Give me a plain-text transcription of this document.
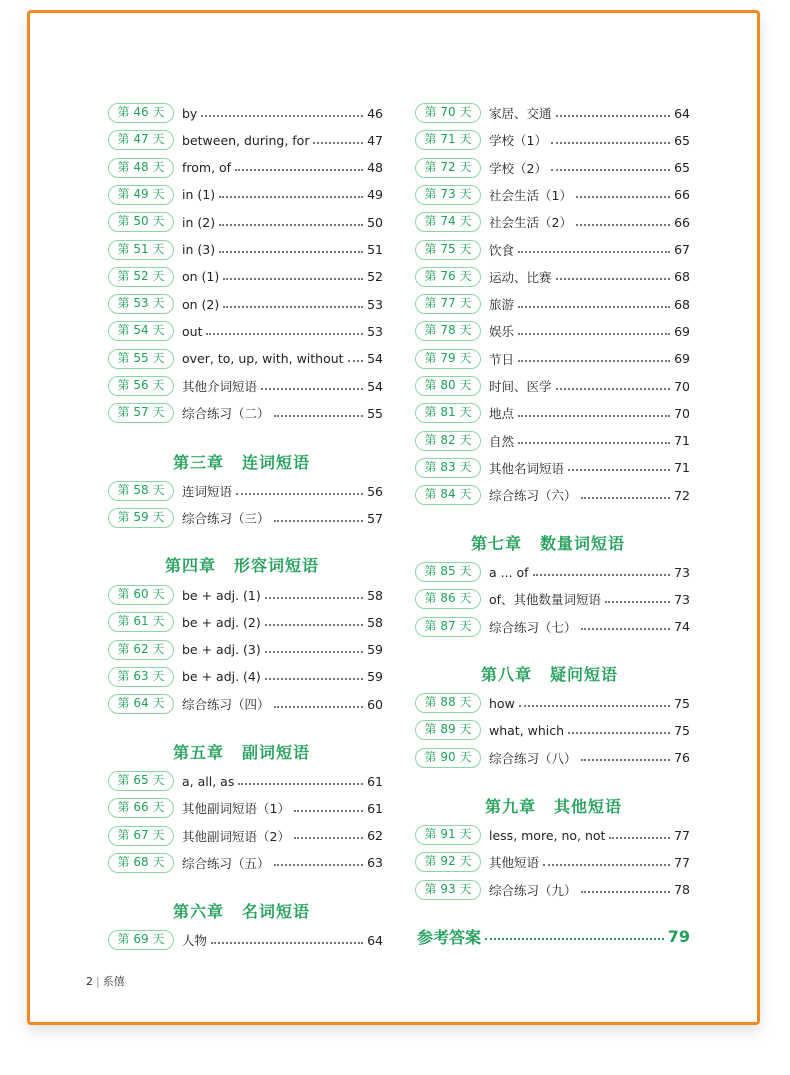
第 46 天	by	46
第 47 天	between, during, for	47
第 48 天	from, of	48
第 49 天	in (1)	49
第 50 天	in (2)	50
第 51 天	in (3)	51
第 52 天	on (1)	52
第 53 天	on (2)	53
第 54 天	out	53
第 55 天	over, to, up, with, without 54
第 56 天	其他介词短语	54
第 57 天	综合练习（二）	55
第三章 连词短语
第 58 天	连词短语	56
第 59 天	综合练习（三）	57
第四章 形容词短语
第 60 天	be + adj. (1)	58
第 61 天	be + adj. (2)	58
第 62 天	be + adj. (3)	59
第 63 天	be + adj. (4)	59
第 64 天	综合练习（四）	60
第五章 副词短语
第 65 天	a, all, as	61
第 66 天	其他副词短语（1）	61
第 67 天	其他副词短语（2）	62
第 68 天	综合练习（五）	63
第六章 名词短语
第 69 天	人物	64
第 70 天	家居、交通	64
第 71 天	学校（1）	65
第 72 天	学校（2）	65
第 73 天	社会生活（1）	66
第 74 天	社会生活（2）	66
第 75 天	饮食	67
第 76 天	运动、比赛	68
第 77 天	旅游	68
第 78 天	娱乐	69
第 79 天	节日	69
第 80 天	时间、医学	70
第 81 天	地点	70
第 82 天	自然	71
第 83 天	其他名词短语	71
第 84 天	综合练习（六）	72
第七章 数量词短语
第 85 天	a ... of	73
第 86 天	of、其他数量词短语	73
第 87 天	综合练习（七）	74
第八章 疑问短语
第 88 天	how	75
第 89 天	what, which	75
第 90 天	综合练习（八）	76
第九章 其他短语
第 91 天	less, more, no, not	77
第 92 天	其他短语	77
第 93 天	综合练习（九）	78
参考答案	79
2 | 系僖
